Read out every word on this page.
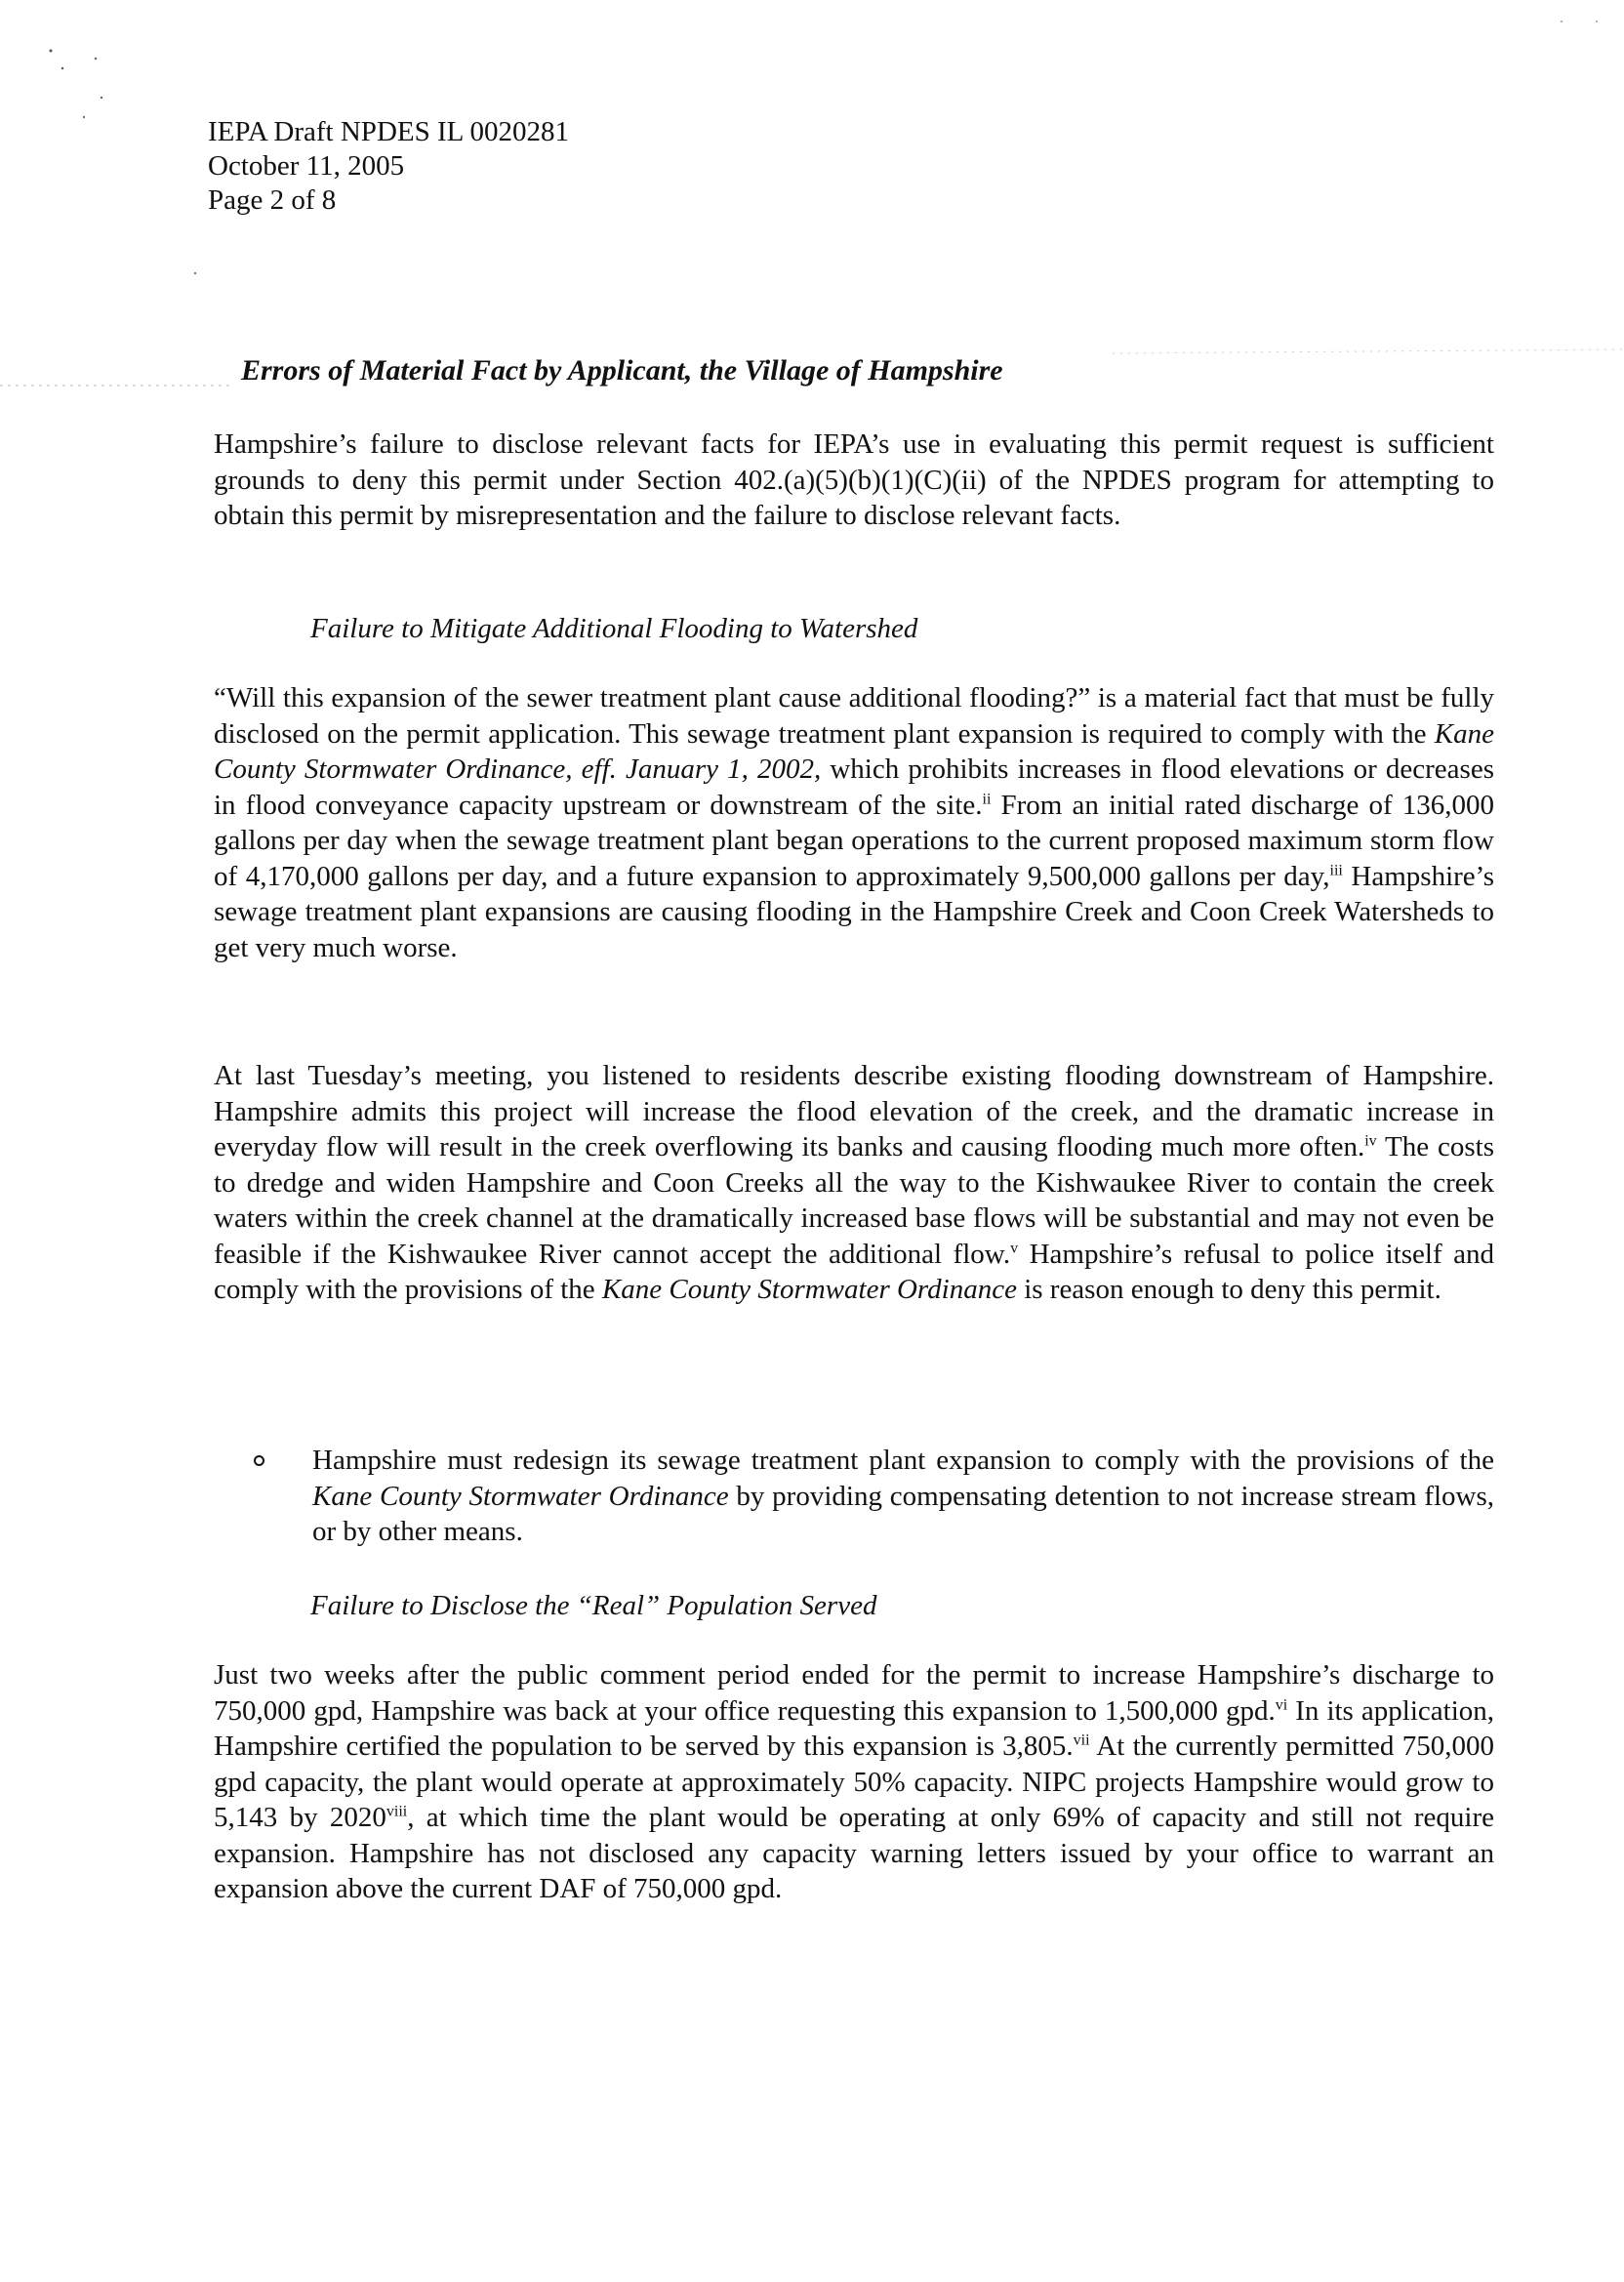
IEPA Draft NPDES IL 0020281
October 11, 2005
Page 2 of 8
Errors of Material Fact by Applicant, the Village of Hampshire

Hampshire’s failure to disclose relevant facts for IEPA’s use in evaluating this permit request is sufficient grounds to deny this permit under Section 402.(a)(5)(b)(1)(C)(ii) of the NPDES program for attempting to obtain this permit by misrepresentation and the failure to disclose relevant facts.

Failure to Mitigate Additional Flooding to Watershed

“Will this expansion of the sewer treatment plant cause additional flooding?” is a material fact that must be fully disclosed on the permit application. This sewage treatment plant expansion is required to comply with the Kane County Stormwater Ordinance, eff. January 1, 2002, which prohibits increases in flood elevations or decreases in flood conveyance capacity upstream or downstream of the site.$^{ii}$ From an initial rated discharge of 136,000 gallons per day when the sewage treatment plant began operations to the current proposed maximum storm flow of 4,170,000 gallons per day, and a future expansion to approximately 9,500,000 gallons per day,$^{iii}$ Hampshire’s sewage treatment plant expansions are causing flooding in the Hampshire Creek and Coon Creek Watersheds to get very much worse.

At last Tuesday’s meeting, you listened to residents describe existing flooding downstream of Hampshire. Hampshire admits this project will increase the flood elevation of the creek, and the dramatic increase in everyday flow will result in the creek overflowing its banks and causing flooding much more often.$^{iv}$ The costs to dredge and widen Hampshire and Coon Creeks all the way to the Kishwaukee River to contain the creek waters within the creek channel at the dramatically increased base flows will be substantial and may not even be feasible if the Kishwaukee River cannot accept the additional flow.$^v$ Hampshire’s refusal to police itself and comply with the provisions of the Kane County Stormwater Ordinance is reason enough to deny this permit.

Hampshire must redesign its sewage treatment plant expansion to comply with the provisions of the Kane County Stormwater Ordinance by providing compensating detention to not increase stream flows, or by other means.

Failure to Disclose the “Real” Population Served

Just two weeks after the public comment period ended for the permit to increase Hampshire’s discharge to 750,000 gpd, Hampshire was back at your office requesting this expansion to 1,500,000 gpd.$^{vi}$ In its application, Hampshire certified the population to be served by this expansion is 3,805.$^{vii}$ At the currently permitted 750,000 gpd capacity, the plant would operate at approximately 50% capacity. NIPC projects Hampshire would grow to 5,143 by 2020$^{viii}$, at which time the plant would be operating at only 69% of capacity and still not require expansion. Hampshire has not disclosed any capacity warning letters issued by your office to warrant an expansion above the current DAF of 750,000 gpd.
